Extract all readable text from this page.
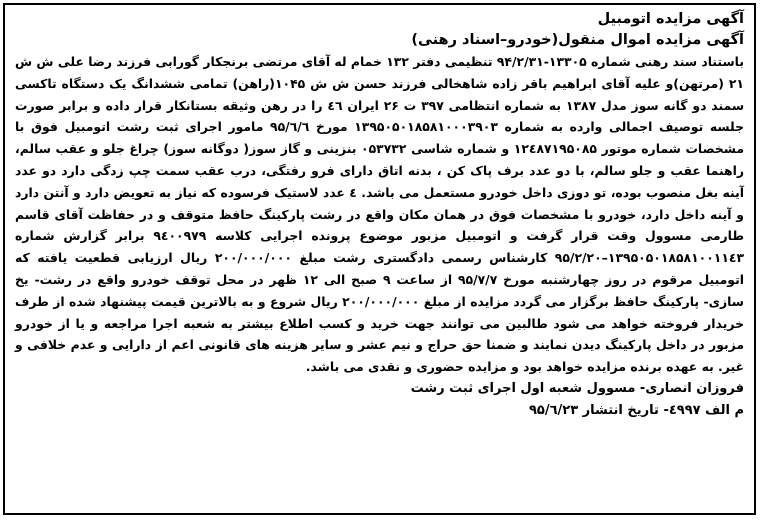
آگهی مزایده اتومبیل

آگهی مزایده اموال منقول(خودرو–اسناد رهنی)

باستناد سند رهنی شماره ۱۳۳۰۵-۹۴/۲/۳۱ تنظیمی دفتر ۱۳۲ خمام له آقای مرتضی برنجکار گورابی فرزند رضا علی ش ش ۲۱ (مرتهن)و علیه آقای ابراهیم باقر زاده شاهخالی فرزند حسن ش ش ۱۰۴۵(راهن) تمامی ششدانگ یک دستگاه تاکسی سمند دو گانه سوز مدل ۱۳۸۷ به شماره انتظامی ۳۹۷ ت ۲۶ ایران ٤٦ را در رهن وثیقه بستانکار قرار داده و برابر صورت جلسه توصیف اجمالی وارده به شماره ۱۳۹۵۰۵۰۱۸۵۸۱۰۰۰۳۹۰۳ مورخ ۹۵/٦/٦ مامور اجرای ثبت رشت اتومبیل فوق با مشخصات شماره موتور ۱۲٤۸۷۱۹۵۰۸۵ و شماره شاسی ۰۵۳۷۳۲ بنزینی و گاز سوز( دوگانه سوز) چراغ جلو و عقب سالم، راهنما عقب و جلو سالم، با دو عدد برف پاک کن ، بدنه اتاق دارای فرو رفتگی، درب عقب سمت چپ زدگی دارد دو عدد آینه بغل منصوب بوده، تو دوزی داخل خودرو مستعمل می باشد. ٤ عدد لاستیک فرسوده که نیاز به تعویض دارد و آنتن دارد و آینه داخل دارد، خودرو با مشخصات فوق در همان مکان واقع در رشت پارکینگ حافظ متوقف و در حفاظت آقای قاسم طارمی مسوول وقت قرار گرفت و اتومبیل مزبور موضوع پرونده اجرایی کلاسه ۹٤۰۰۹۷۹ برابر گزارش شماره ۱۳۹۵۰۵۰۱۸۵۸۱۰۰۱۱٤۳–۹۵/۲/۲۰ کارشناس رسمی دادگستری رشت مبلغ ۲۰۰/۰۰۰/۰۰۰ ریال ارزیابی قطعیت یافته که اتومبیل مرقوم در روز چهارشنبه مورخ ۹۵/۷/۷ از ساعت ۹ صبح الی ۱۲ ظهر در محل توقف خودرو واقع در رشت- یخ سازی- پارکینگ حافظ برگزار می گردد مزایده از مبلغ ۲۰۰/۰۰۰/۰۰۰ ریال شروع و به بالاترین قیمت پیشنهاد شده از طرف خریدار فروخته خواهد می شود طالبین می توانند جهت خرید و کسب اطلاع بیشتر به شعبه اجرا مراجعه و یا از خودرو مزبور در داخل پارکینگ دیدن نمایند و ضمنا حق حراج و نیم عشر و سایر هزینه های قانونی اعم از دارایی و عدم خلافی و غیر. به عهده برنده مزایده خواهد بود و مزایده حضوری و نقدی می باشد.

فروزان انصاری- مسوول شعبه اول اجرای ثبت رشت

م الف ٤۹۹۷- تاریخ انتشار ۹۵/٦/۲۳
